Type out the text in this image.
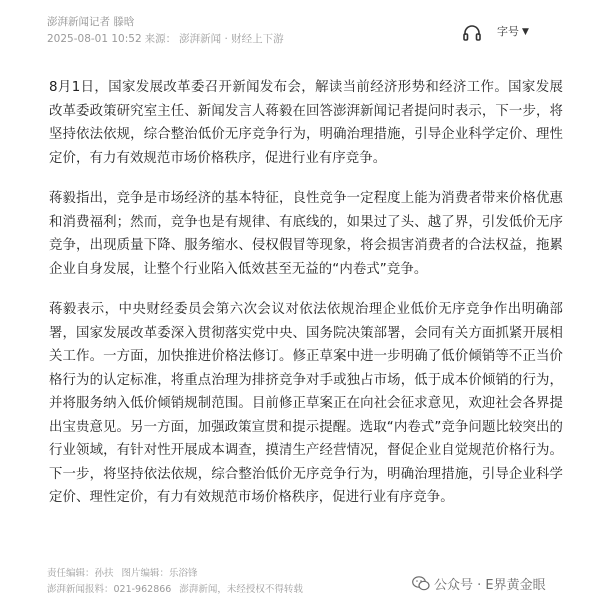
澎湃新闻记者 滕晗
2025-08-01 10:52 来源： 澎湃新闻 · 财经上下游
字号 ▼

8月1日，国家发展改革委召开新闻发布会，解读当前经济形势和经济工作。国家发展改革委政策研究室主任、新闻发言人蒋毅在回答澎湃新闻记者提问时表示，下一步，将坚持依法依规，综合整治低价无序竞争行为，明确治理措施，引导企业科学定价、理性定价，有力有效规范市场价格秩序，促进行业有序竞争。

蒋毅指出，竞争是市场经济的基本特征，良性竞争一定程度上能为消费者带来价格优惠和消费福利；然而，竞争也是有规律、有底线的，如果过了头、越了界，引发低价无序竞争，出现质量下降、服务缩水、侵权假冒等现象，将会损害消费者的合法权益，拖累企业自身发展，让整个行业陷入低效甚至无益的“内卷式”竞争。

蒋毅表示，中央财经委员会第六次会议对依法依规治理企业低价无序竞争作出明确部署，国家发展改革委深入贯彻落实党中央、国务院决策部署，会同有关方面抓紧开展相关工作。一方面，加快推进价格法修订。修正草案中进一步明确了低价倾销等不正当价格行为的认定标准，将重点治理为排挤竞争对手或独占市场，低于成本价倾销的行为，并将服务纳入低价倾销规制范围。目前修正草案正在向社会征求意见，欢迎社会各界提出宝贵意见。另一方面，加强政策宣贯和提示提醒。选取“内卷式”竞争问题比较突出的行业领域，有针对性开展成本调查，摸清生产经营情况，督促企业自觉规范价格行为。下一步，将坚持依法依规，综合整治低价无序竞争行为，明确治理措施，引导企业科学定价、理性定价，有力有效规范市场价格秩序，促进行业有序竞争。

责任编辑：孙扶 图片编辑：乐浴锋
澎湃新闻报料：021-962866 澎湃新闻，未经授权不得转载	公众号 · E界黄金眼
